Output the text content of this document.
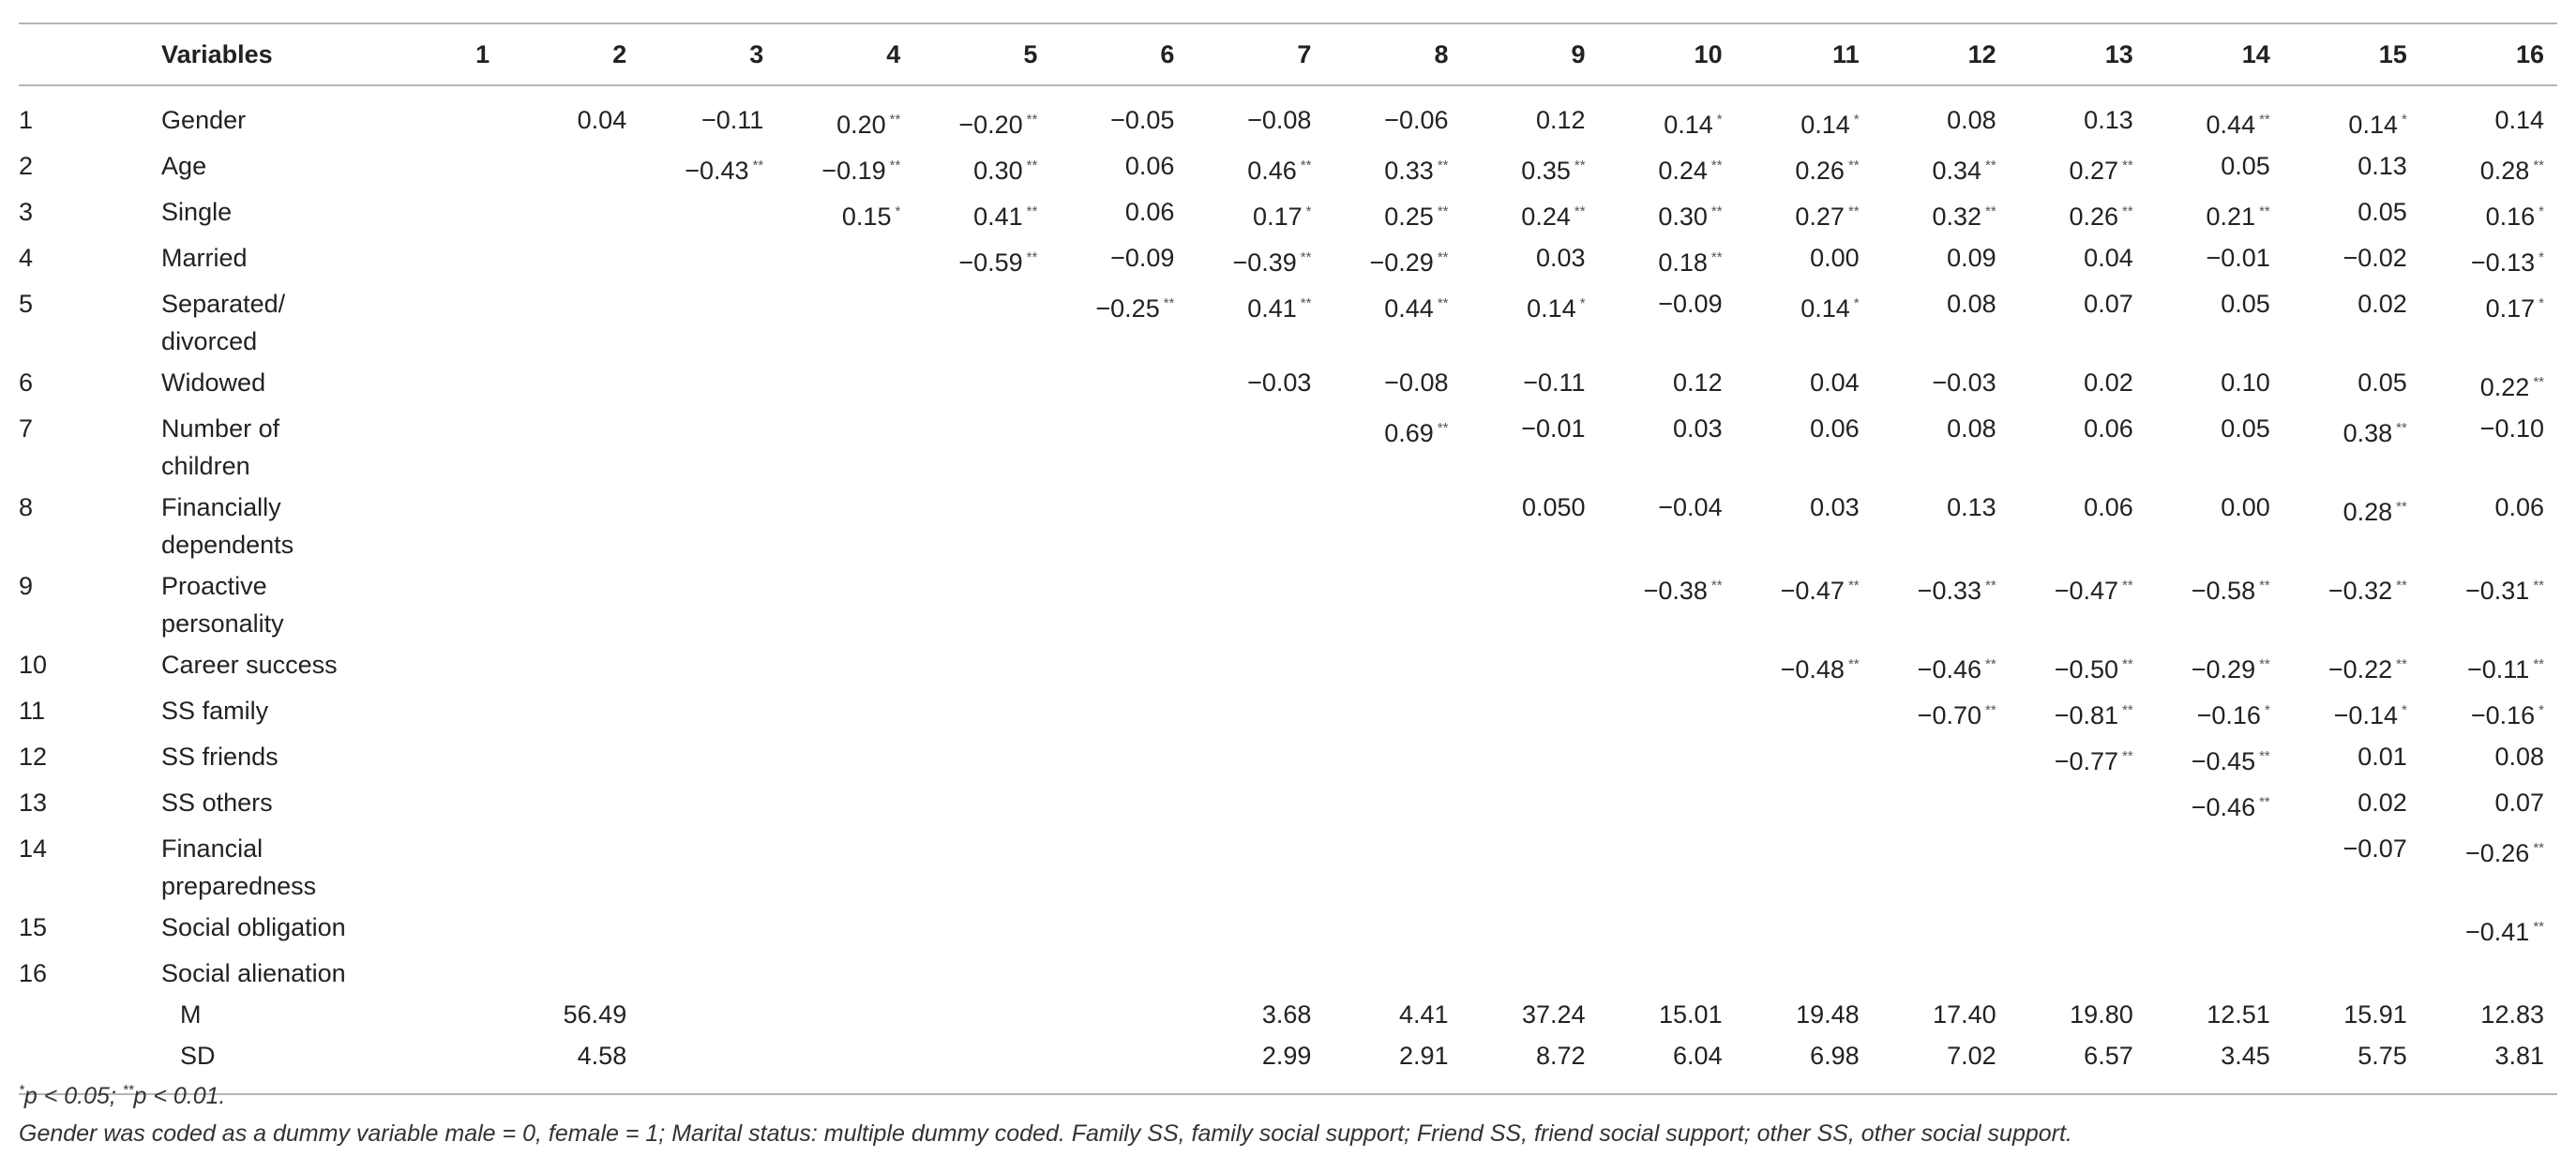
	Variables	1	2	3	4	5	6	7	8	9	10	11	12	13	14	15	16
1	Gender		0.04	−0.11	0.20 **	−0.20 **	−0.05	−0.08	−0.06	0.12	0.14 *	0.14 *	0.08	0.13	0.44 **	0.14 *	0.14
2	Age			−0.43 **	−0.19 **	0.30 **	0.06	0.46 **	0.33 **	0.35 **	0.24 **	0.26 **	0.34 **	0.27 **	0.05	0.13	0.28 **
3	Single				0.15 *	0.41 **	0.06	0.17 *	0.25 **	0.24 **	0.30 **	0.27 **	0.32 **	0.26 **	0.21 **	0.05	0.16 *
4	Married					−0.59 **	−0.09	−0.39 **	−0.29 **	0.03	0.18 **	0.00	0.09	0.04	−0.01	−0.02	−0.13 *
5	Separated/ divorced						−0.25 **	0.41 **	0.44 **	0.14 *	−0.09	0.14 *	0.08	0.07	0.05	0.02	0.17 *
6	Widowed							−0.03	−0.08	−0.11	0.12	0.04	−0.03	0.02	0.10	0.05	0.22 **
7	Number of children								0.69 **	−0.01	0.03	0.06	0.08	0.06	0.05	0.38 **	−0.10
8	Financially dependents									0.050	−0.04	0.03	0.13	0.06	0.00	0.28 **	0.06
9	Proactive personality										−0.38 **	−0.47 **	−0.33 **	−0.47 **	−0.58 **	−0.32 **	−0.31 **
10	Career success											−0.48 **	−0.46 **	−0.50 **	−0.29 **	−0.22 **	−0.11 **
11	SS family												−0.70 **	−0.81 **	−0.16 *	−0.14 *	−0.16 *
12	SS friends													−0.77 **	−0.45 **	0.01	0.08
13	SS others														−0.46 **	0.02	0.07
14	Financial preparedness															−0.07	−0.26 **
15	Social obligation																−0.41 **
16	Social alienation																
	M		56.49					3.68	4.41	37.24	15.01	19.48	17.40	19.80	12.51	15.91	12.83
	SD		4.58					2.99	2.91	8.72	6.04	6.98	7.02	6.57	3.45	5.75	3.81
*p < 0.05; **p < 0.01.
Gender was coded as a dummy variable male = 0, female = 1; Marital status: multiple dummy coded. Family SS, family social support; Friend SS, friend social support; other SS, other social support.
